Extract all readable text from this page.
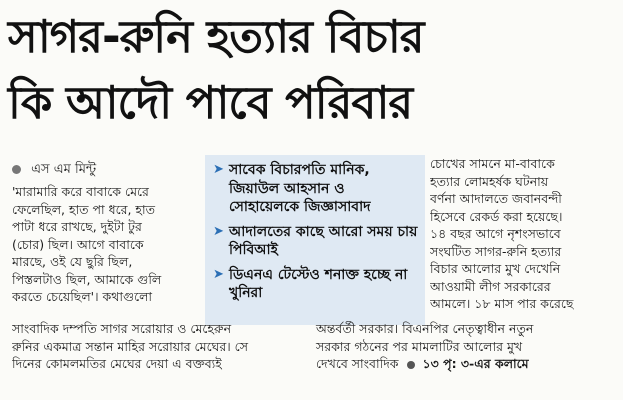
সাগর-রুনি হত্যার বিচার
কি আদৌ পাবে পরিবার
এস এম মিন্টু
'মারামারি করে বাবাকে মেরে
ফেলেছিল, হাত পা ধরে, হাত
পাটা ধরে রাখছে, দুইটা টুর
(চোর) ছিল। আগে বাবাকে
মারছে, ওই যে ছুরি ছিল,
পিস্তলটাও ছিল, আমাকে গুলি
করতে চেয়েছিল'। কথাগুলো
➤ সাবেক বিচারপতি মানিক, জিয়াউল আহসান ও সোহায়েলকে জিজ্ঞাসাবাদ
➤ আদালতের কাছে আরো সময় চায় পিবিআই
➤ ডিএনএ টেস্টেও শনাক্ত হচ্ছে না খুনিরা
চোখের সামনে মা-বাবাকে
হত্যার লোমহর্ষক ঘটনায়
বর্ণনা আদালতে জবানবন্দী
হিসেবে রেকর্ড করা হয়েছে।
১৪ বছর আগে নৃশংসভাবে
সংঘটিত সাগর-রুনি হত্যার
বিচার আলোর মুখ দেখেনি
আওয়ামী লীগ সরকারের
আমলে। ১৮ মাস পার করেছে
সাংবাদিক দম্পতি সাগর সরোয়ার ও মেহেরুন	অন্তর্বর্তী সরকার। বিএনপির নেতৃত্বাধীন নতুন
রুনির একমাত্র সন্তান মাহির সরোয়ার মেঘের। সে	সরকার গঠনের পর মামলাটির আলোর মুখ
দিনের কোমলমতির মেঘের দেয়া এ বক্তব্যই	দেখবে সাংবাদিক ১৩ পৃ: ৩-এর কলামে
